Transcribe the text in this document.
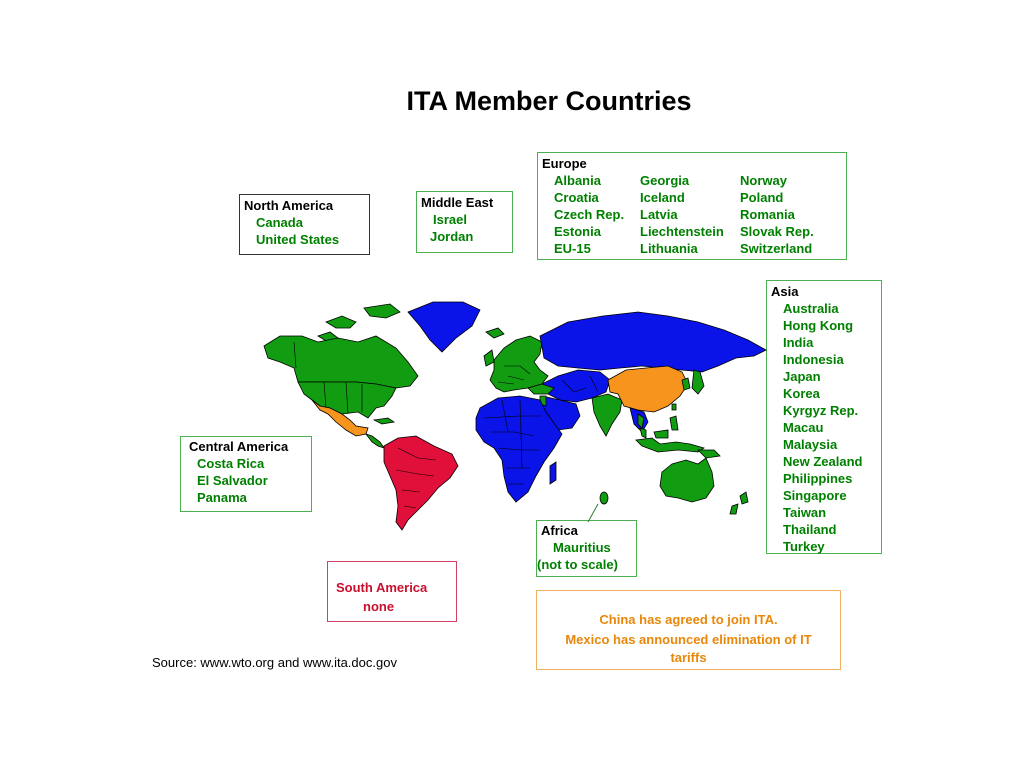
ITA Member Countries
Europe
Albania	Georgia	Norway
Croatia	Iceland	Poland
Czech Rep.	Latvia	Romania
Estonia	Liechtenstein	Slovak Rep.
EU-15	Lithuania	Switzerland
North America
Canada
United States
Middle East
Israel
Jordan
Central America
Costa Rica
El Salvador
Panama
Asia
Australia
Hong Kong
India
Indonesia
Japan
Korea
Kyrgyz Rep.
Macau
Malaysia
New Zealand
Philippines
Singapore
Taiwan
Thailand
Turkey
Africa
Mauritius
(not to scale)
South America
none
China has agreed to join ITA.
Mexico has announced elimination of IT tariffs
Source: www.wto.org and www.ita.doc.gov
